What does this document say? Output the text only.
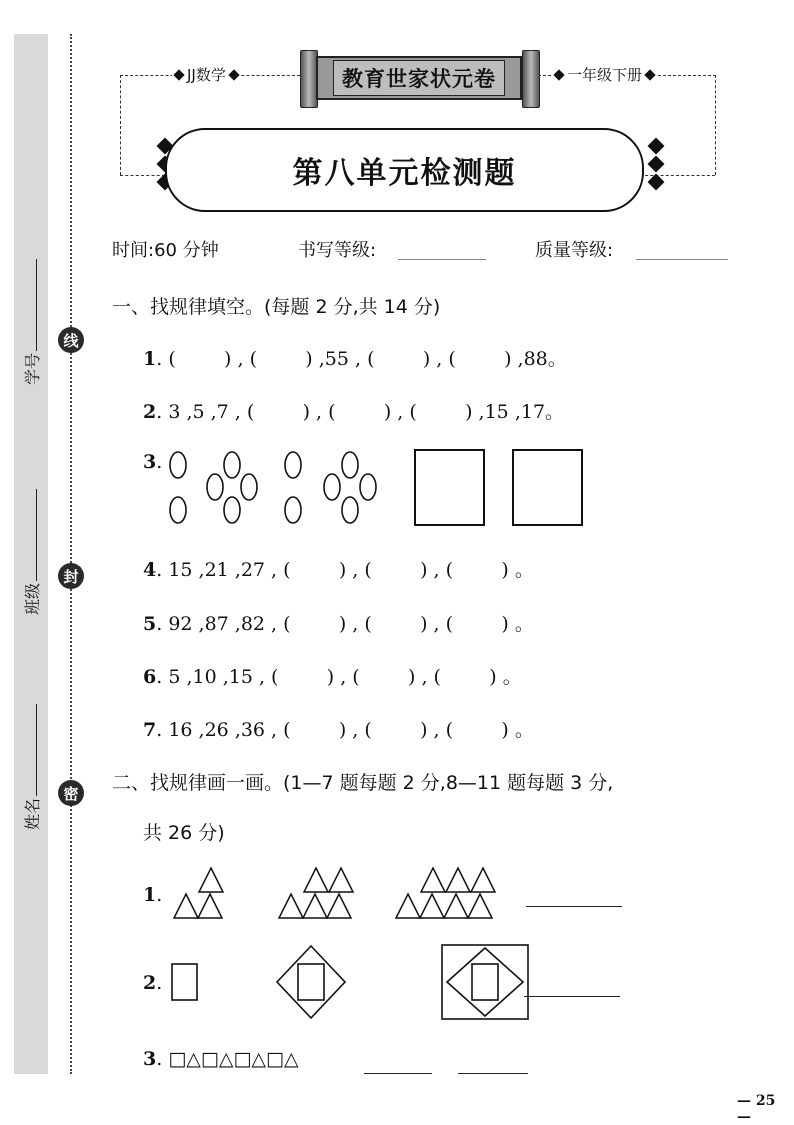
线
封
密
学号
班级
姓名
JJ数学	一年级下册
教育世家状元卷
第八单元检测题
时间:60 分钟	书写等级:	质量等级:
一、找规律填空。(每题 2 分,共 14 分)
1. (        ) , (        ) ,55 , (        ) , (        ) ,88。
2. 3 ,5 ,7 , (        ) , (        ) , (        ) ,15 ,17。
3.
4. 15 ,21 ,27 , (        ) , (        ) , (        ) 。
5. 92 ,87 ,82 , (        ) , (        ) , (        ) 。
6. 5 ,10 ,15 , (        ) , (        ) , (        ) 。
7. 16 ,26 ,36 , (        ) , (        ) , (        ) 。
二、找规律画一画。(1—7 题每题 2 分,8—11 题每题 3 分,
共 26 分)
1.
2.
3. □△□△□△□△
— 25 —
